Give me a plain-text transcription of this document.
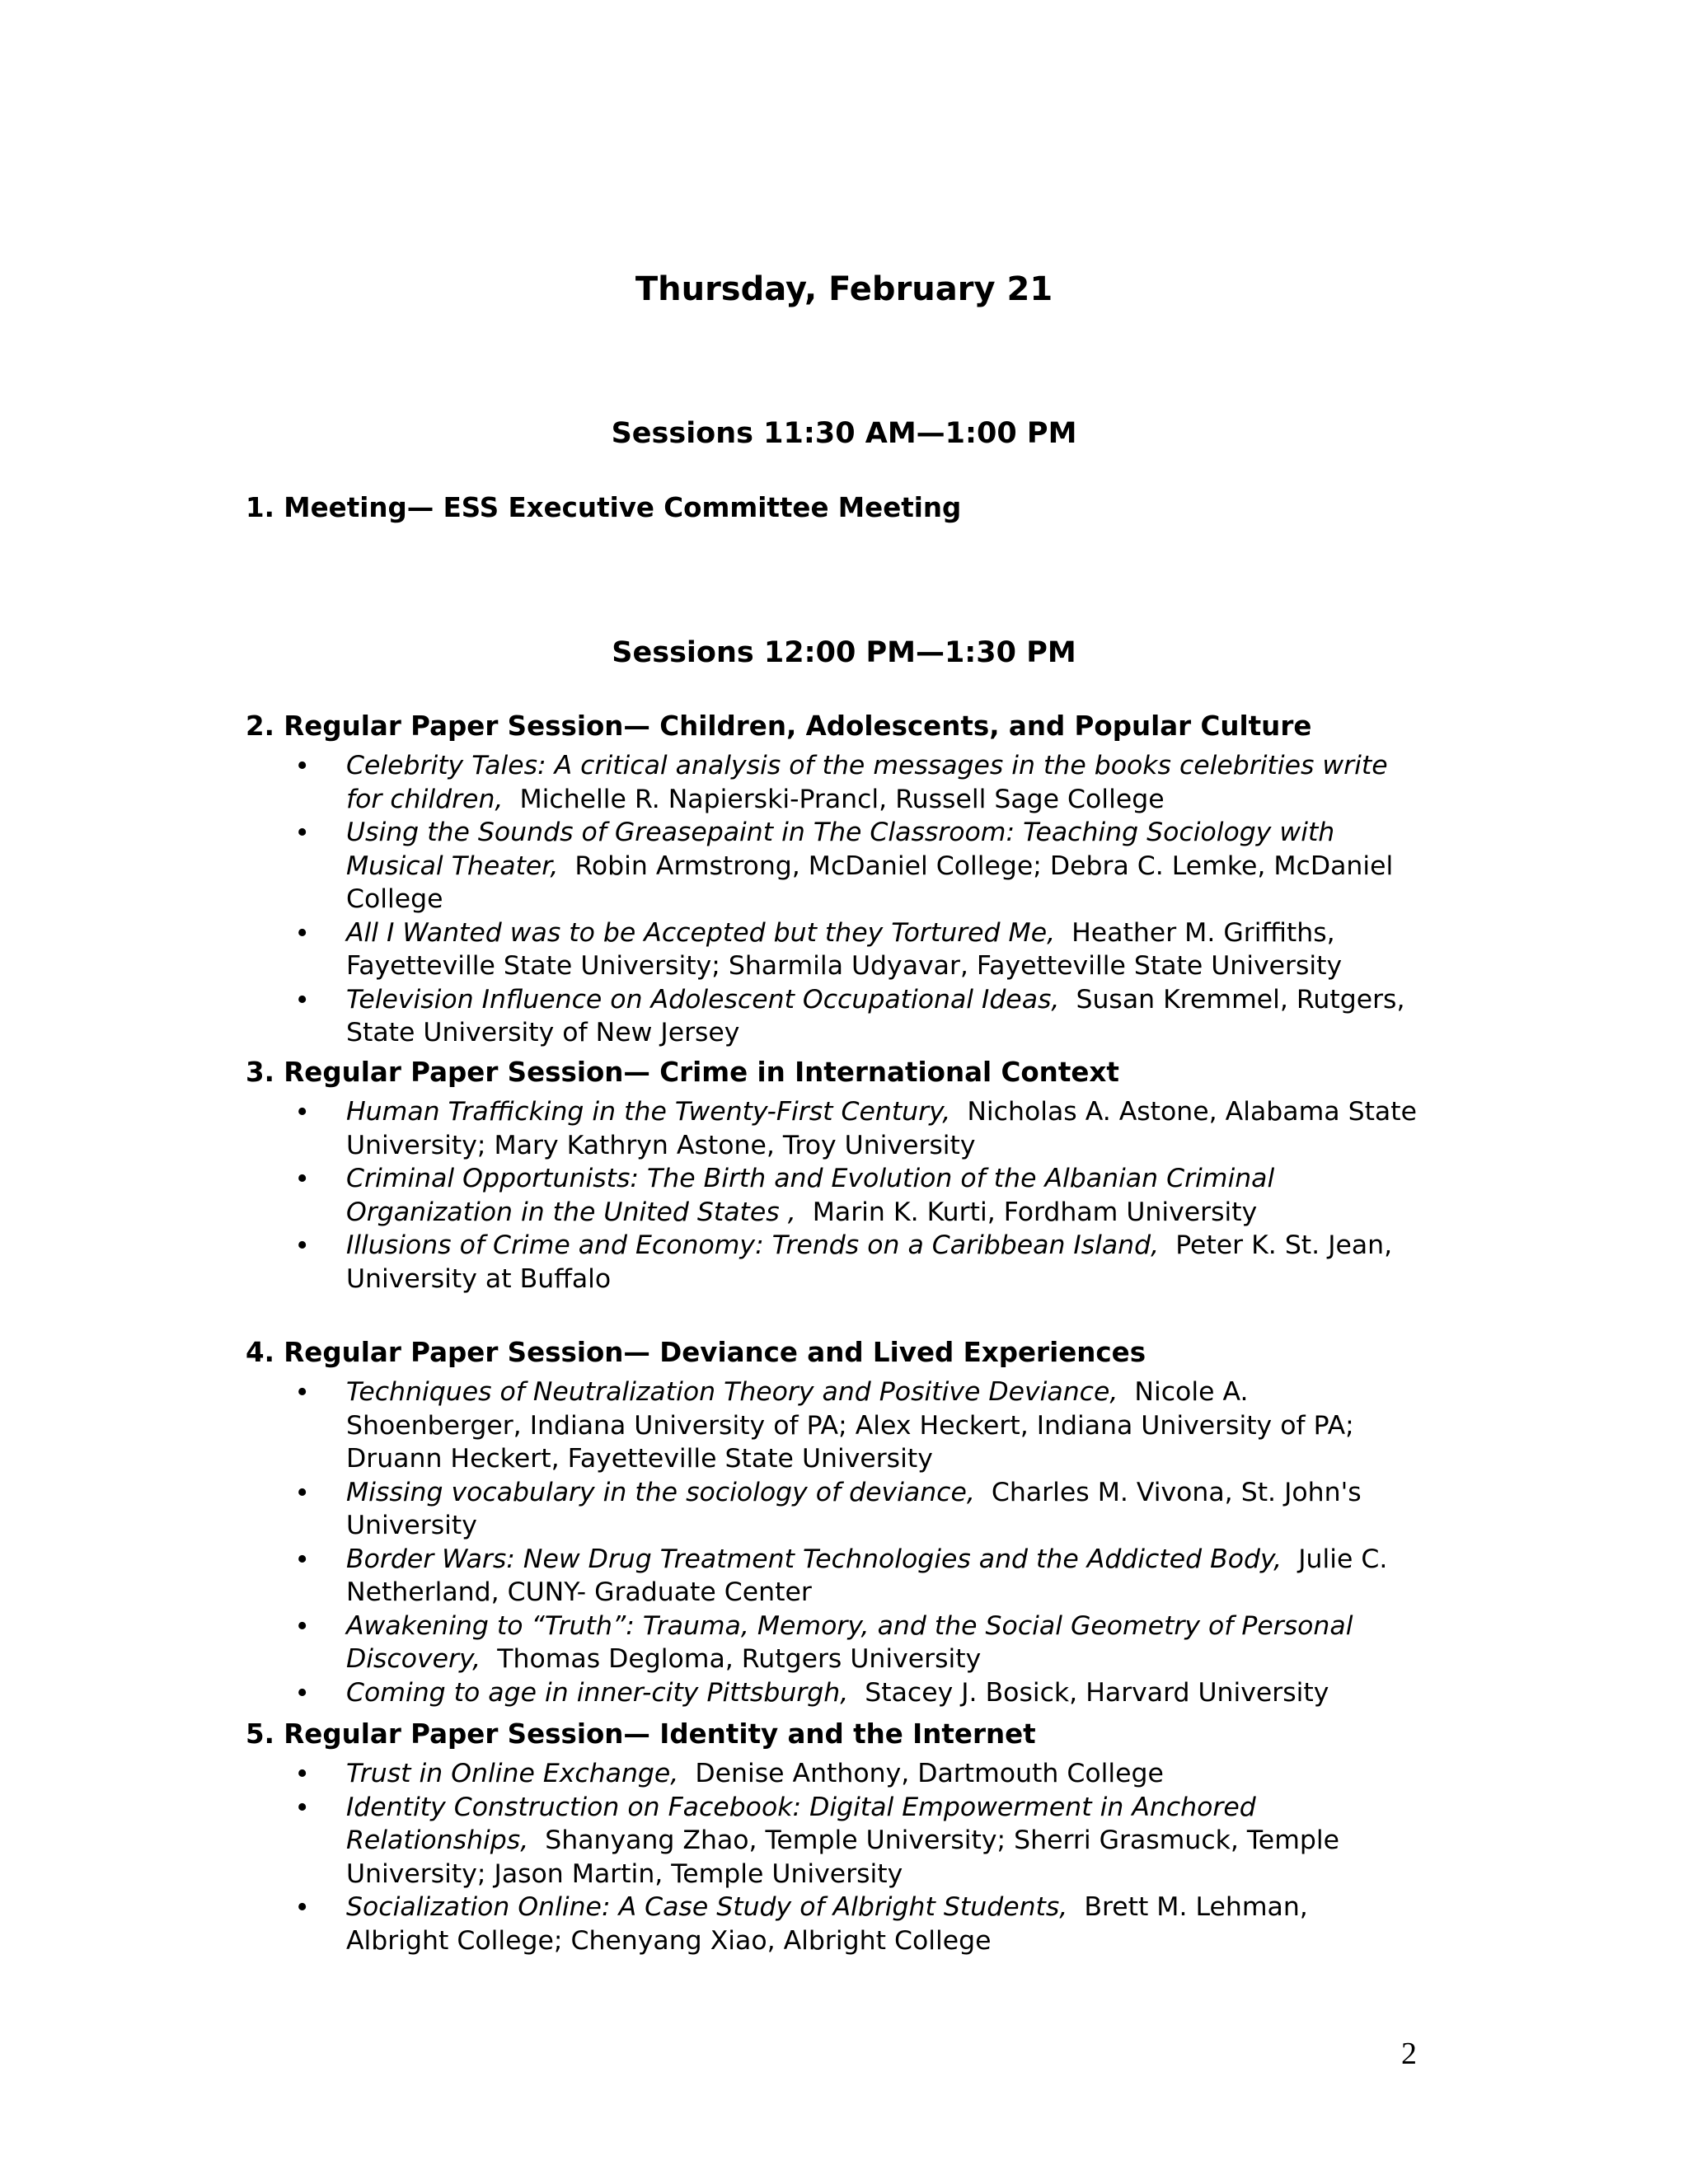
Thursday, February 21
Sessions 11:30 AM—1:00 PM

1. Meeting— ESS Executive Committee Meeting

Sessions 12:00 PM—1:30 PM

2. Regular Paper Session— Children, Adolescents, and Popular Culture

• Celebrity Tales: A critical analysis of the messages in the books celebrities write for children, Michelle R. Napierski-Prancl, Russell Sage College
• Using the Sounds of Greasepaint in The Classroom: Teaching Sociology with Musical Theater, Robin Armstrong, McDaniel College; Debra C. Lemke, McDaniel College
• All I Wanted was to be Accepted but they Tortured Me, Heather M. Griffiths, Fayetteville State University; Sharmila Udyavar, Fayetteville State University
• Television Influence on Adolescent Occupational Ideas, Susan Kremmel, Rutgers, State University of New Jersey

3. Regular Paper Session— Crime in International Context

• Human Trafficking in the Twenty-First Century, Nicholas A. Astone, Alabama State University; Mary Kathryn Astone, Troy University
• Criminal Opportunists: The Birth and Evolution of the Albanian Criminal Organization in the United States , Marin K. Kurti, Fordham University
• Illusions of Crime and Economy: Trends on a Caribbean Island, Peter K. St. Jean, University at Buffalo

4. Regular Paper Session— Deviance and Lived Experiences

• Techniques of Neutralization Theory and Positive Deviance, Nicole A. Shoenberger, Indiana University of PA; Alex Heckert, Indiana University of PA; Druann Heckert, Fayetteville State University
• Missing vocabulary in the sociology of deviance, Charles M. Vivona, St. John's University
• Border Wars: New Drug Treatment Technologies and the Addicted Body, Julie C. Netherland, CUNY- Graduate Center
• Awakening to “Truth”: Trauma, Memory, and the Social Geometry of Personal Discovery, Thomas Degloma, Rutgers University
• Coming to age in inner-city Pittsburgh, Stacey J. Bosick, Harvard University

5. Regular Paper Session— Identity and the Internet

• Trust in Online Exchange, Denise Anthony, Dartmouth College
• Identity Construction on Facebook: Digital Empowerment in Anchored Relationships, Shanyang Zhao, Temple University; Sherri Grasmuck, Temple University; Jason Martin, Temple University
• Socialization Online: A Case Study of Albright Students, Brett M. Lehman, Albright College; Chenyang Xiao, Albright College
2
